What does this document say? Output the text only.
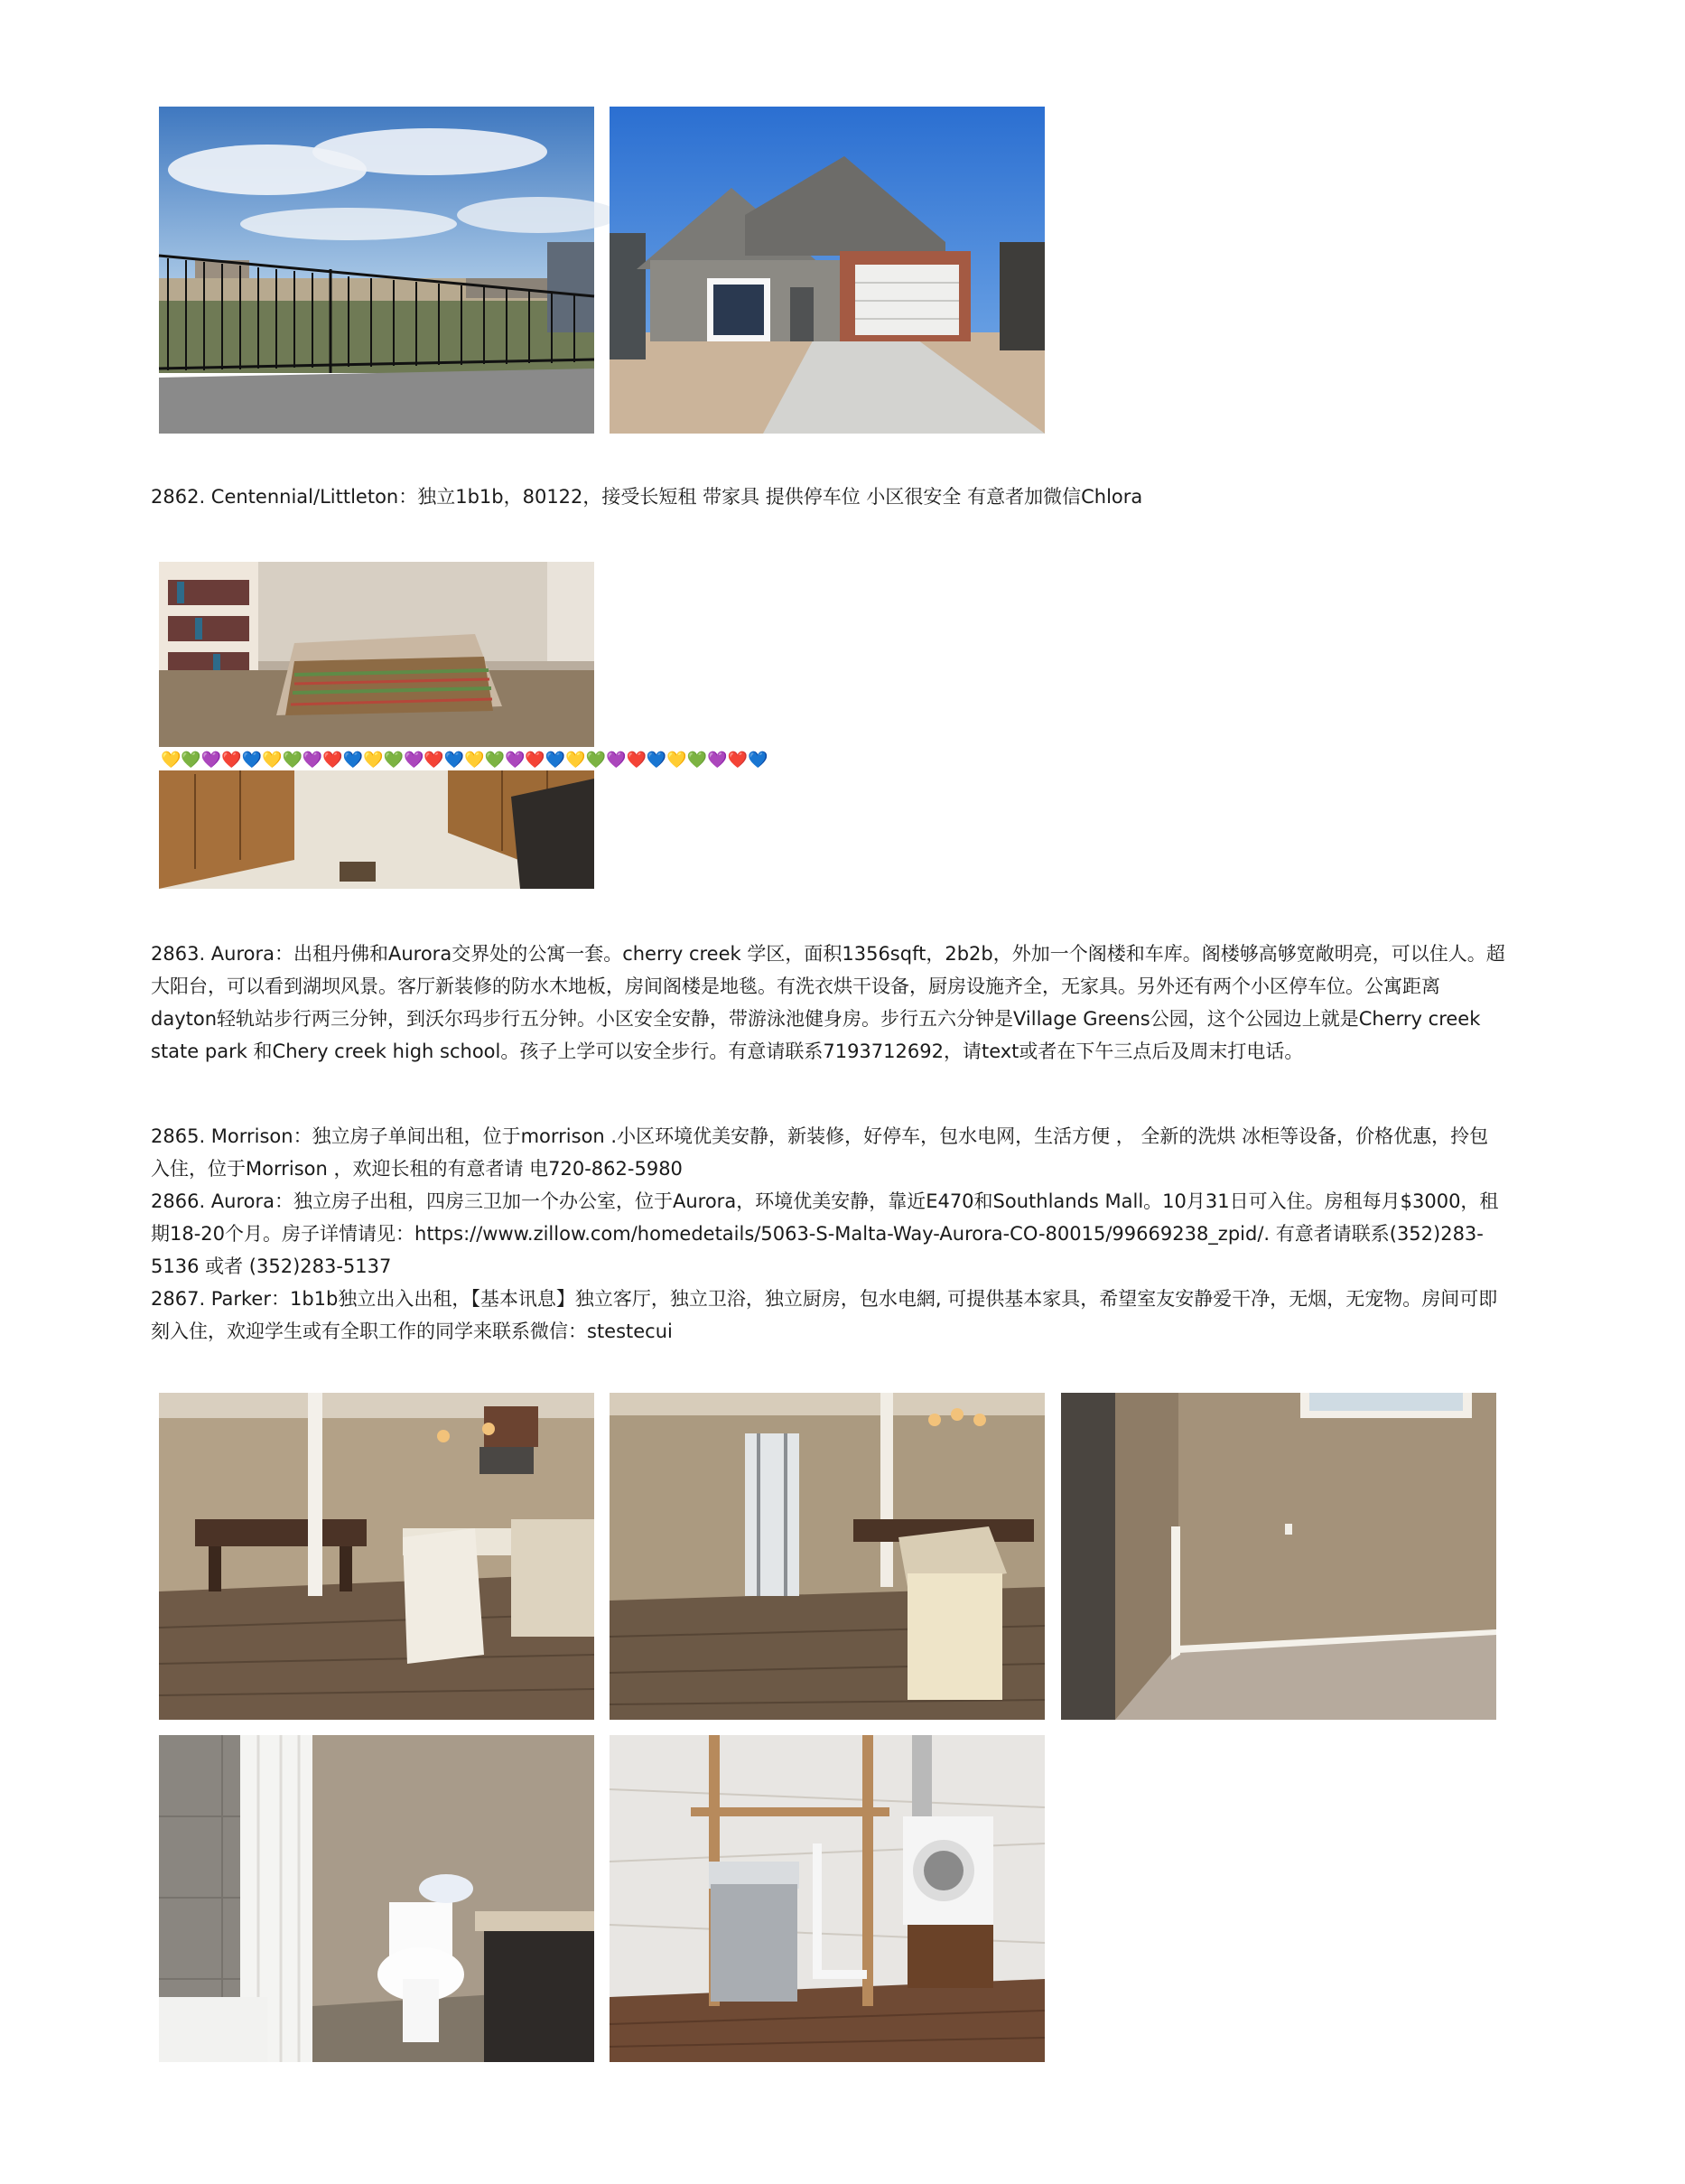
2862. Centennial/Littleton：独立1b1b，80122，接受长短租 带家具 提供停车位 小区很安全 有意者加微信Chlora

💛💚💜❤️💙💛💚💜❤️💙💛💚💜❤️💙💛💚💜❤️💙💛💚💜❤️💙💛💚💜❤️💙

2863. Aurora：出租丹佛和Aurora交界处的公寓一套。cherry creek 学区，面积1356sqft，2b2b，外加一个阁楼和车库。阁楼够高够宽敞明亮，可以住人。超大阳台，可以看到湖坝风景。客厅新装修的防水木地板，房间阁楼是地毯。有洗衣烘干设备，厨房设施齐全，无家具。另外还有两个小区停车位。公寓距离dayton轻轨站步行两三分钟，到沃尔玛步行五分钟。小区安全安静，带游泳池健身房。步行五六分钟是Village Greens公园，这个公园边上就是Cherry creek state park 和Chery creek high school。孩子上学可以安全步行。有意请联系7193712692，请text或者在下午三点后及周末打电话。

2865. Morrison：独立房子单间出租，位于morrison .小区环境优美安静，新装修，好停车，包水电网，生活方便 ， 全新的洗烘 冰柜等设备，价格优惠，拎包入住，位于Morrison ，欢迎长租的有意者请 电720-862-5980

2866. Aurora：独立房子出租，四房三卫加一个办公室，位于Aurora，环境优美安静，靠近E470和Southlands Mall。10月31日可入住。房租每月$3000，租期18-20个月。房子详情请见：https://www.zillow.com/homedetails/5063-S-Malta-Way-Aurora-CO-80015/99669238_zpid/. 有意者请联系(352)283-5136 或者 (352)283-5137

2867. Parker：1b1b独立出入出租，【基本讯息】独立客厅，独立卫浴，独立厨房，包水电網, 可提供基本家具，希望室友安静爱干净，无烟，无宠物。房间可即刻入住，欢迎学生或有全职工作的同学来联系微信：stestecui
